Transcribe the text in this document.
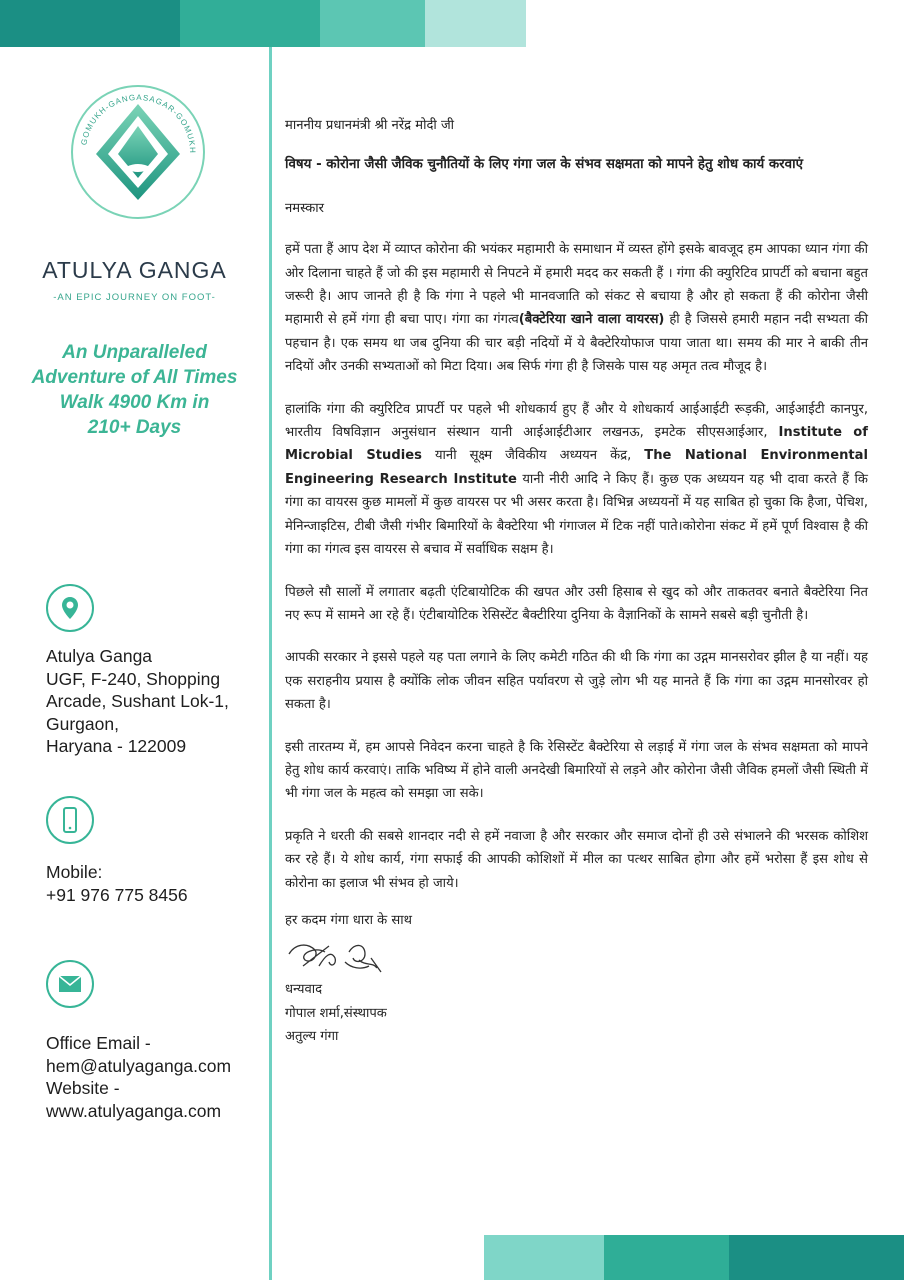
GOMUKH-GANGASAGAR-GOMUKH
ATULYA GANGA
-AN EPIC JOURNEY ON FOOT-
An Unparalleled
Adventure of All Times
Walk 4900 Km in
210+ Days
Atulya Ganga
UGF, F-240, Shopping
Arcade, Sushant Lok-1,
Gurgaon,
Haryana - 122009
Mobile:
+91 976 775 8456
Office Email -
hem@atulyaganga.com
Website -
www.atulyaganga.com

माननीय प्रधानमंत्री श्री नरेंद्र मोदी जी

विषय - कोरोना जैसी जैविक चुनौतियों के लिए गंगा जल के संभव सक्षमता को मापने हेतु शोध कार्य करवाएं

नमस्कार

हमें पता हैं आप देश में व्याप्त कोरोना की भयंकर महामारी के समाधान में व्यस्त होंगे इसके बावजूद हम आपका ध्यान गंगा की ओर दिलाना चाहते हैं जो की इस महामारी से निपटने में हमारी मदद कर सकती हैं । गंगा की क्युरिटिव प्रापर्टी को बचाना बहुत जरूरी है। आप जानते ही है कि गंगा ने पहले भी मानवजाति को संकट से बचाया है और हो सकता हैं की कोरोना जैसी महामारी से हमें गंगा ही बचा पाए। गंगा का गंगत्व(बैक्टेरिया खाने वाला वायरस) ही है जिससे हमारी महान नदी सभ्यता की पहचान है। एक समय था जब दुनिया की चार बड़ी नदियों में ये बैक्टेरियोफाज पाया जाता था। समय की मार ने बाकी तीन नदियों और उनकी सभ्यताओं को मिटा दिया। अब सिर्फ गंगा ही है जिसके पास यह अमृत तत्व मौजूद है।

हालांकि गंगा की क्युरिटिव प्रापर्टी पर पहले भी शोधकार्य हुए हैं और ये शोधकार्य आईआईटी रूड़की, आईआईटी कानपुर, भारतीय विषविज्ञान अनुसंधान संस्थान यानी आईआईटीआर लखनऊ, इमटेक सीएसआईआर, Institute of Microbial Studies यानी सूक्ष्म जैविकीय अध्ययन केंद्र, The National Environmental Engineering Research Institute यानी नीरी आदि ने किए हैं। कुछ एक अध्ययन यह भी दावा करते हैं कि गंगा का वायरस कुछ मामलों में कुछ वायरस पर भी असर करता है। विभिन्न अध्ययनों में यह साबित हो चुका कि हैजा, पेचिश, मेनिन्जाइटिस, टीबी जैसी गंभीर बिमारियों के बैक्टेरिया भी गंगाजल में टिक नहीं पाते।कोरोना संकट में हमें पूर्ण विश्वास है की गंगा का गंगत्व इस वायरस से बचाव में सर्वाधिक सक्षम है।

पिछले सौ सालों में लगातार बढ़ती एंटिबायोटिक की खपत और उसी हिसाब से खुद को और ताकतवर बनाते बैक्टेरिया नित नए रूप में सामने आ रहे हैं। एंटीबायोटिक रेसिस्टेंट बैक्टीरिया दुनिया के वैज्ञानिकों के सामने सबसे बड़ी चुनौती है।

आपकी सरकार ने इससे पहले यह पता लगाने के लिए कमेटी गठित की थी कि गंगा का उद्गम मानसरोवर झील है या नहीं। यह एक सराहनीय प्रयास है क्योंकि लोक जीवन सहित पर्यावरण से जुड़े लोग भी यह मानते हैं कि गंगा का उद्गम मानसोरवर हो सकता है।

इसी तारतम्य में, हम आपसे निवेदन करना चाहते है कि रेसिस्टेंट बैक्टेरिया से लड़ाई में गंगा जल के संभव सक्षमता को मापने हेतु शोध कार्य करवाएं। ताकि भविष्य में होने वाली अनदेखी बिमारियों से लड़ने और कोरोना जैसी जैविक हमलों जैसी स्थिती में भी गंगा जल के महत्व को समझा जा सके।

प्रकृति ने धरती की सबसे शानदार नदी से हमें नवाजा है और सरकार और समाज दोनों ही उसे संभालने की भरसक कोशिश कर रहे हैं। ये शोध कार्य, गंगा सफाई की आपकी कोशिशों में मील का पत्थर साबित होगा और हमें भरोसा हैं इस शोध से कोरोना का इलाज भी संभव हो जाये।

हर कदम गंगा धारा के साथ

धन्यवाद

गोपाल शर्मा,संस्थापक

अतुल्य गंगा
